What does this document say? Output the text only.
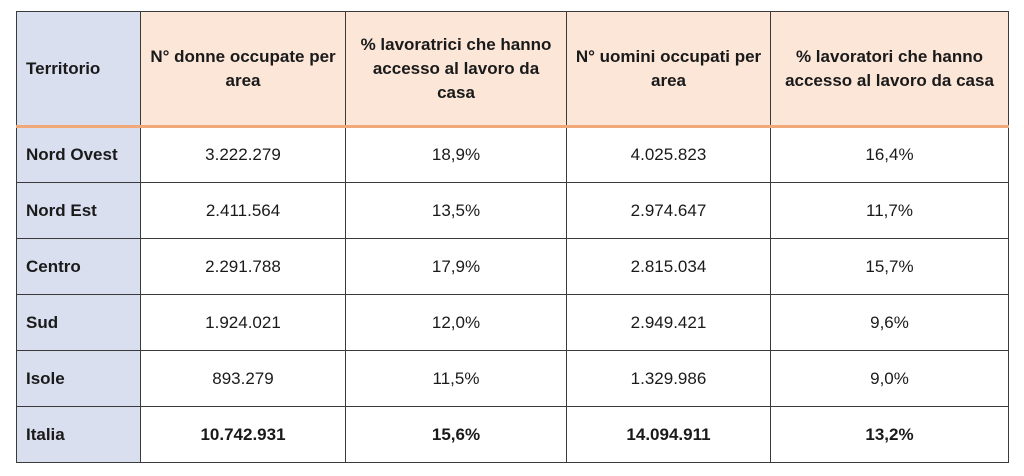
Territorio	N° donne occupate per area	% lavoratrici che hanno accesso al lavoro da casa	N° uomini occupati per area	% lavoratori che hanno accesso al lavoro da casa
Nord Ovest	3.222.279	18,9%	4.025.823	16,4%
Nord Est	2.411.564	13,5%	2.974.647	11,7%
Centro	2.291.788	17,9%	2.815.034	15,7%
Sud	1.924.021	12,0%	2.949.421	9,6%
Isole	893.279	11,5%	1.329.986	9,0%
Italia	10.742.931	15,6%	14.094.911	13,2%
